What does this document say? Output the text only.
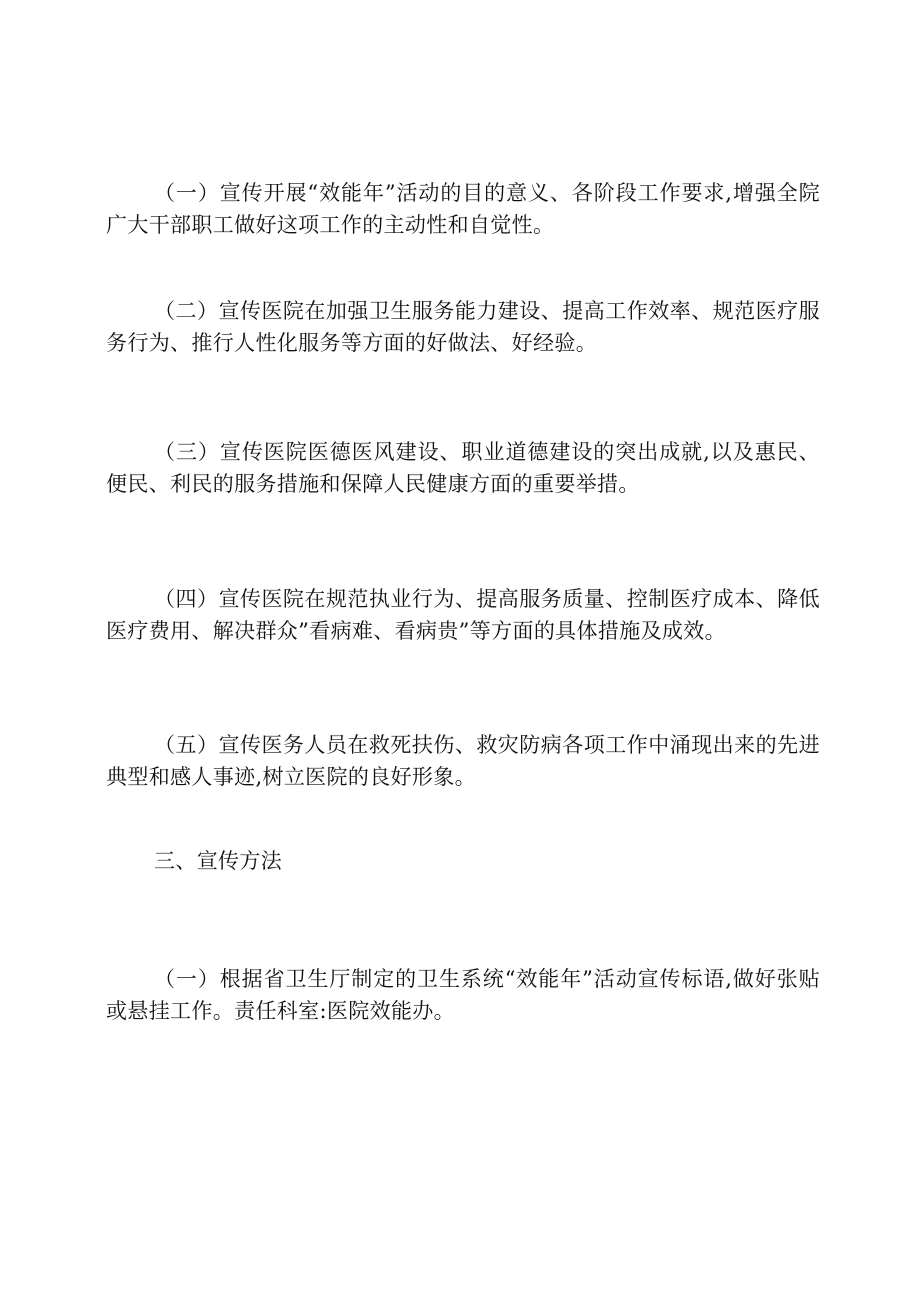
（一）宣传开展“效能年”活动的目的意义、各阶段工作要求,增强全院广大干部职工做好这项工作的主动性和自觉性。

（二）宣传医院在加强卫生服务能力建设、提高工作效率、规范医疗服务行为、推行人性化服务等方面的好做法、好经验。

（三）宣传医院医德医风建设、职业道德建设的突出成就,以及惠民、便民、利民的服务措施和保障人民健康方面的重要举措。

（四）宣传医院在规范执业行为、提高服务质量、控制医疗成本、降低医疗费用、解决群众”看病难、看病贵”等方面的具体措施及成效。

（五）宣传医务人员在救死扶伤、救灾防病各项工作中涌现出来的先进典型和感人事迹,树立医院的良好形象。

三、宣传方法

（一）根据省卫生厅制定的卫生系统“效能年”活动宣传标语,做好张贴或悬挂工作。责任科室:医院效能办。
